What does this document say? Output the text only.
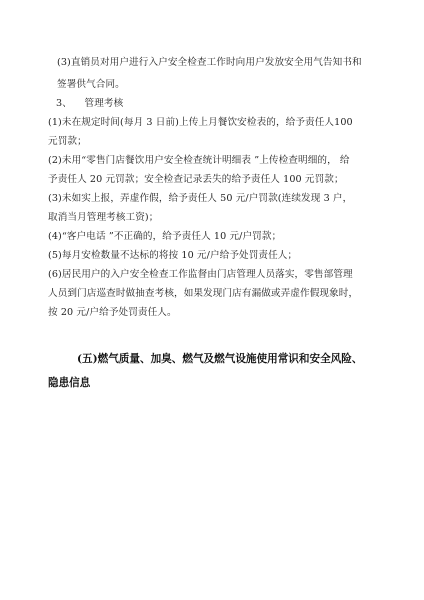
(3)直销员对用户进行入户安全检查工作时向用户发放安全用气告知书和
签署供气合同。
3、 管理考核
(1)未在规定时间(每月 3 日前)上传上月餐饮安检表的，给予责任人100
元罚款；
(2)未用“零售门店餐饮用户安全检查统计明细表 ”上传检查明细的， 给
予责任人 20 元罚款；安全检查记录丢失的给予责任人 100 元罚款；
(3)未如实上报，弄虚作假，给予责任人 50 元/户罚款(连续发现 3 户，
取消当月管理考核工资)；
(4)“客户电话 ”不正确的，给予责任人 10 元/户罚款；
(5)每月安检数量不达标的将按 10 元/户给予处罚责任人；
(6)居民用户的入户安全检查工作监督由门店管理人员落实，零售部管理
人员到门店巡查时做抽查考核，如果发现门店有漏做或弄虚作假现象时，
按 20 元/户给予处罚责任人。
(五)燃气质量、加臭、燃气及燃气设施使用常识和安全风险、
隐患信息
